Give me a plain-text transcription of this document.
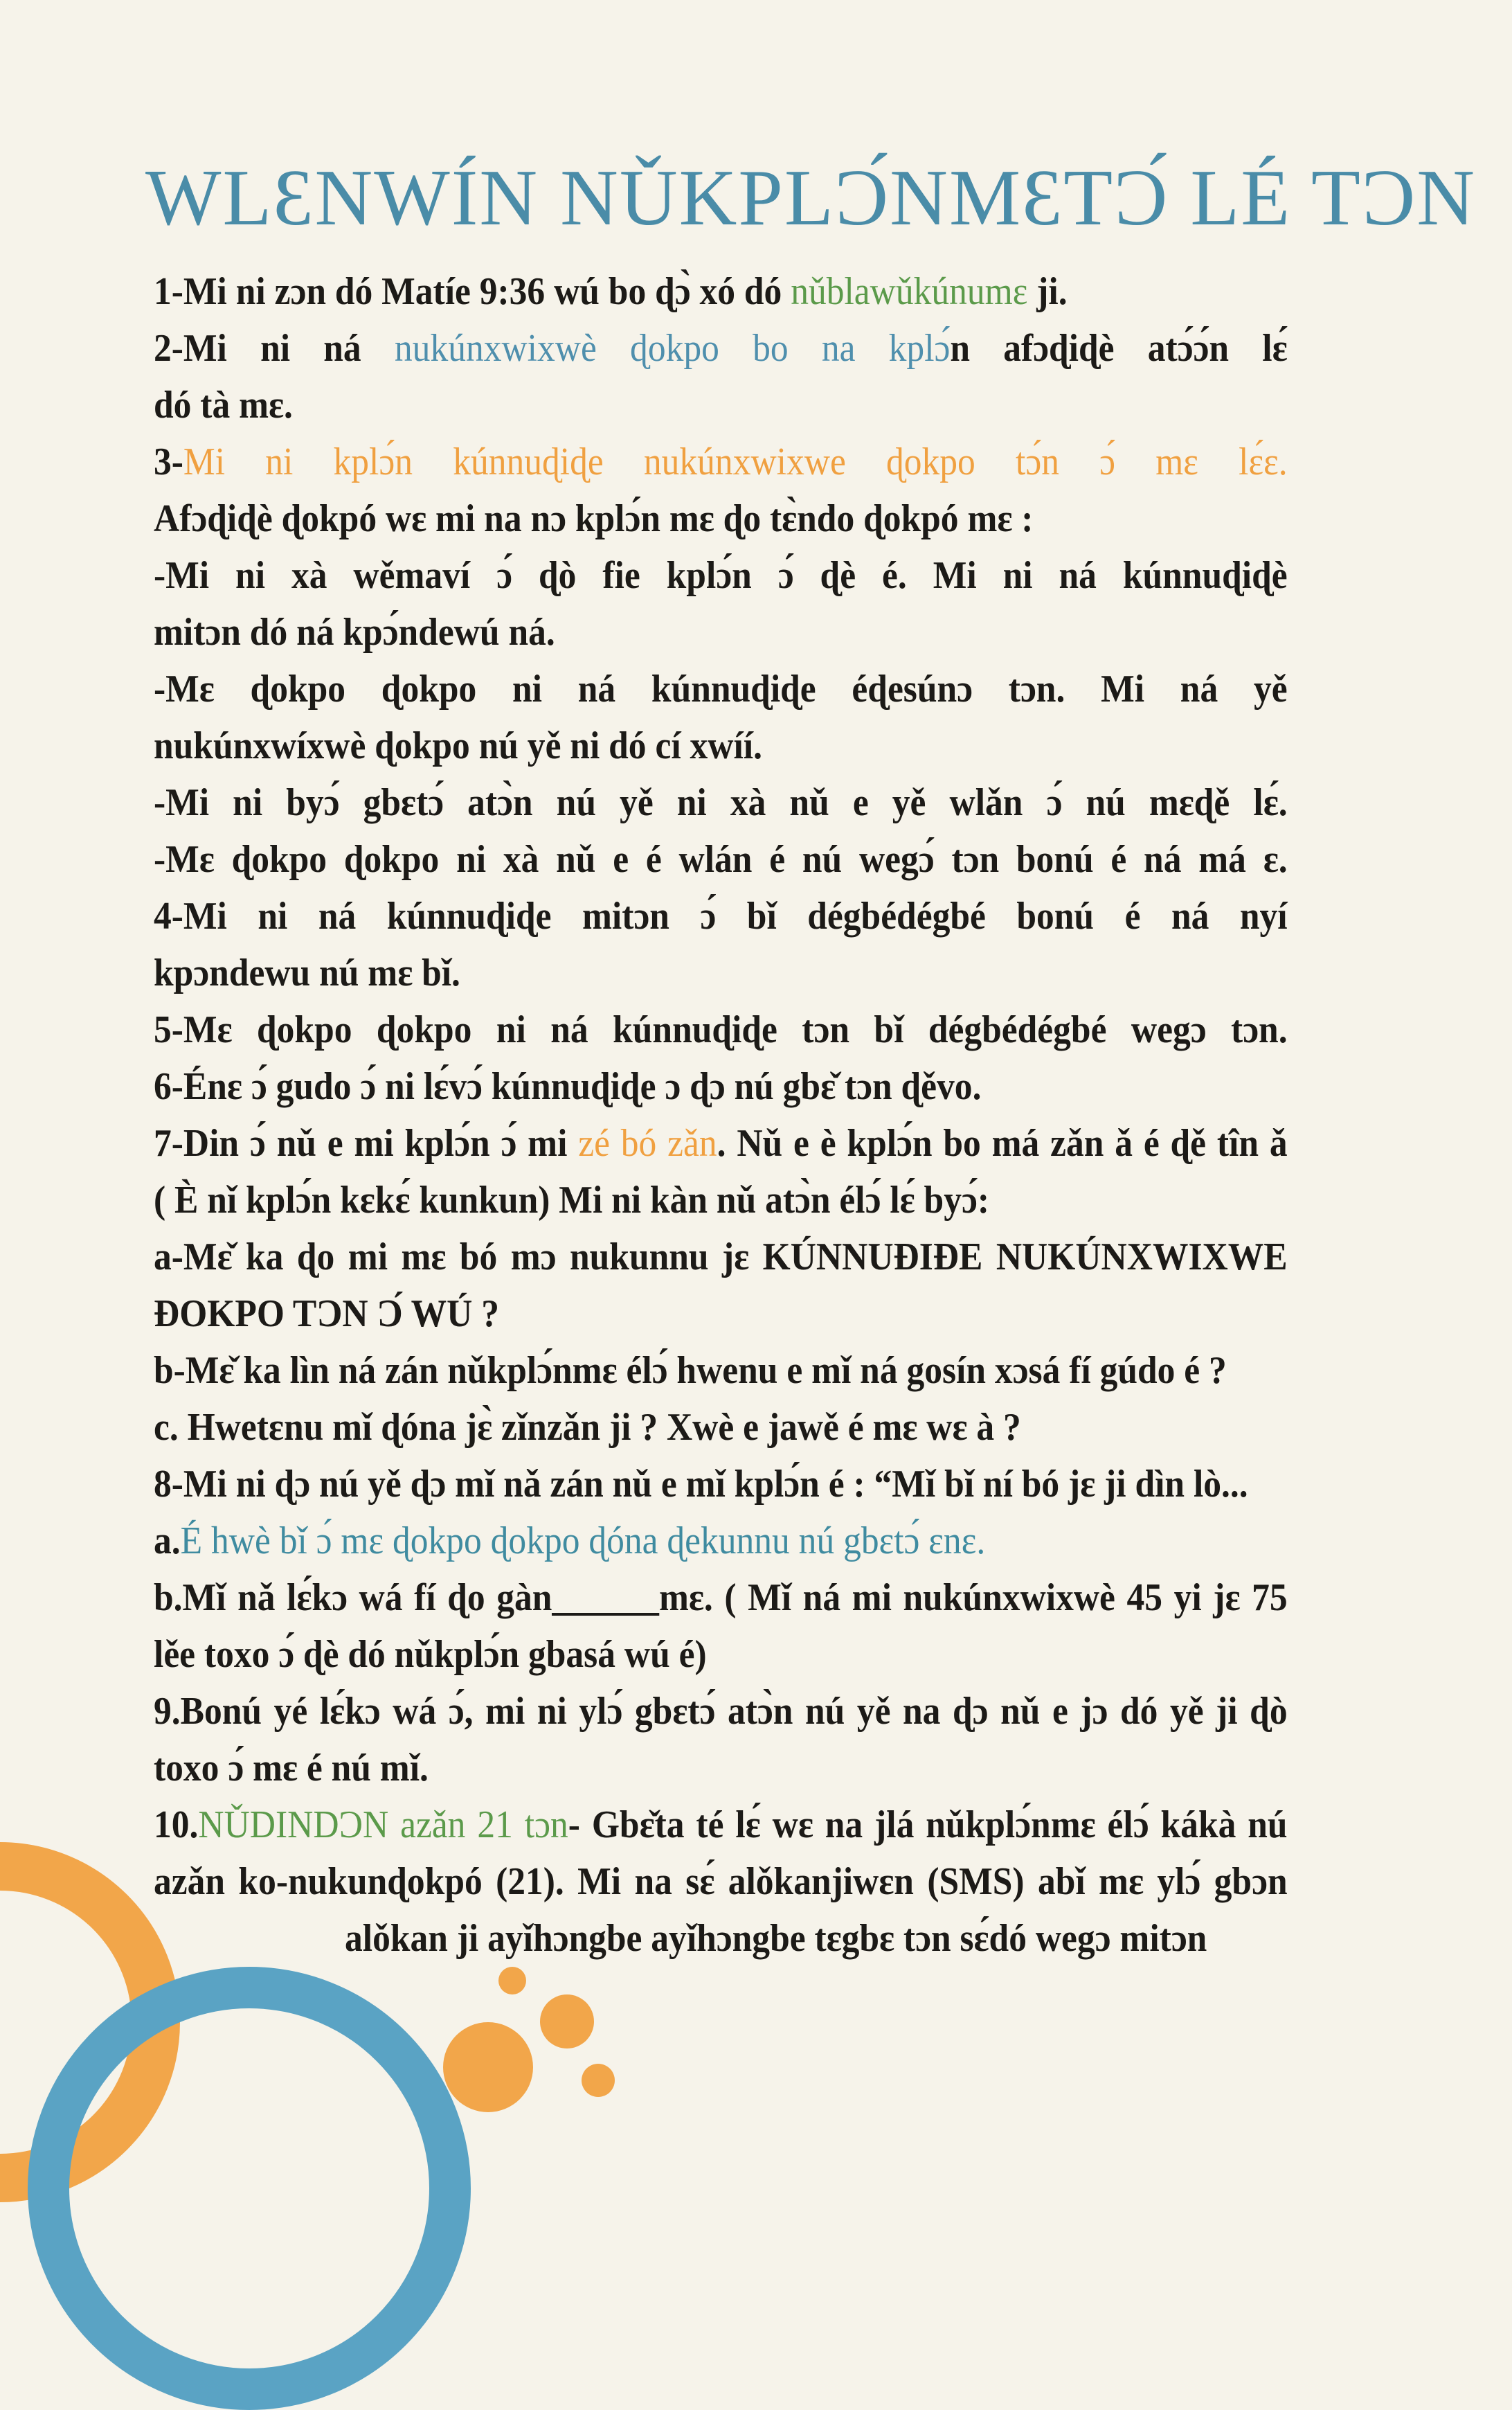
WLƐNWÍN NǓKPLƆ́NMƐTƆ́ LÉ TƆN
1-Mi ni zɔn dó Matíe 9:36 wú bo ɖɔ̀ xó dó nǔblawǔkúnumɛ ji.
2-Mi ni ná nukúnxwixwè ɖokpo bo na kplɔ́n afɔɖiɖè atɔ́ɔ́n lɛ́
dó tà mɛ.
3-Mi ni kplɔ́n kúnnuɖiɖe nukúnxwixwe ɖokpo tɔ́n ɔ́ mɛ lɛ́ɛ.
Afɔɖiɖè ɖokpó wɛ mi na nɔ kplɔ́n mɛ ɖo tɛ̀ndo ɖokpó mɛ :
-Mi ni xà wěmaví ɔ́ ɖò fie kplɔ́n ɔ́ ɖè é. Mi ni ná kúnnuɖiɖè
mitɔn dó ná kpɔ́ndewú ná.
-Mɛ ɖokpo ɖokpo ni ná kúnnuɖiɖe éɖesúnɔ tɔn. Mi ná yě
nukúnxwíxwè ɖokpo nú yě ni dó cí xwíí.
-Mi ni byɔ́ gbɛtɔ́ atɔ̀n nú yě ni xà nǔ e yě wlǎn ɔ́ nú mɛɖě lɛ́.
-Mɛ ɖokpo ɖokpo ni xà nǔ e é wlán é nú wegɔ́ tɔn bonú é ná má ɛ.
4-Mi ni ná kúnnuɖiɖe mitɔn ɔ́ bǐ dégbédégbé bonú é ná nyí
kpɔndewu nú mɛ bǐ.
5-Mɛ ɖokpo ɖokpo ni ná kúnnuɖiɖe tɔn bǐ dégbédégbé wegɔ tɔn.
6-Énɛ ɔ́ gudo ɔ́ ni lɛ́vɔ́ kúnnuɖiɖe ɔ ɖɔ nú gbɛ̌ tɔn ɖěvo.
7-Din ɔ́ nǔ e mi kplɔ́n ɔ́ mi zé bó zǎn. Nǔ e è kplɔ́n bo má zǎn ǎ é ɖě tîn ǎ
( È nǐ kplɔ́n kɛkɛ́ kunkun) Mi ni kàn nǔ atɔ̀n élɔ́ lɛ́ byɔ́:
a-Mɛ̌ ka ɖo mi mɛ bó mɔ nukunnu jɛ KÚNNUÐIÐE NUKÚNXWIXWE
ÐOKPO TƆN Ɔ́ WÚ ?
b-Mɛ̌ ka lìn ná zán nǔkplɔ́nmɛ élɔ́ hwenu e mǐ ná gosín xɔsá fí gúdo é ?
c. Hwetɛnu mǐ ɖóna jɛ̀ zǐnzǎn ji ? Xwè e jawě é mɛ wɛ à ?
8-Mi ni ɖɔ nú yě ɖɔ mǐ nǎ zán nǔ e mǐ kplɔ́n é : “Mǐ bǐ ní bó jɛ ji dìn lò...
a.É hwè bǐ ɔ́ mɛ ɖokpo ɖokpo ɖóna ɖekunnu nú gbɛtɔ́ ɛnɛ.
b.Mǐ nǎ lɛ́kɔ wá fí ɖo gàn______mɛ. ( Mǐ ná mi nukúnxwixwè 45 yi jɛ 75
lěe toxo ɔ́ ɖè dó nǔkplɔ́n gbasá wú é)
9.Bonú yé lɛ́kɔ wá ɔ́, mi ni ylɔ́ gbɛtɔ́ atɔ̀n nú yě na ɖɔ nǔ e jɔ dó yě ji ɖò
toxo ɔ́ mɛ é nú mǐ.
10.NǓDINDƆN azǎn 21 tɔn- Gbɛ̌ta té lɛ́ wɛ na jlá nǔkplɔ́nmɛ élɔ́ kákà nú
azǎn ko-nukunɖokpó (21). Mi na sɛ́ alǒkanjiwɛn (SMS) abǐ mɛ ylɔ́ gbɔn
alǒkan ji ayǐhɔngbe ayǐhɔngbe tɛgbɛ tɔn sɛ́dó wegɔ mitɔn
